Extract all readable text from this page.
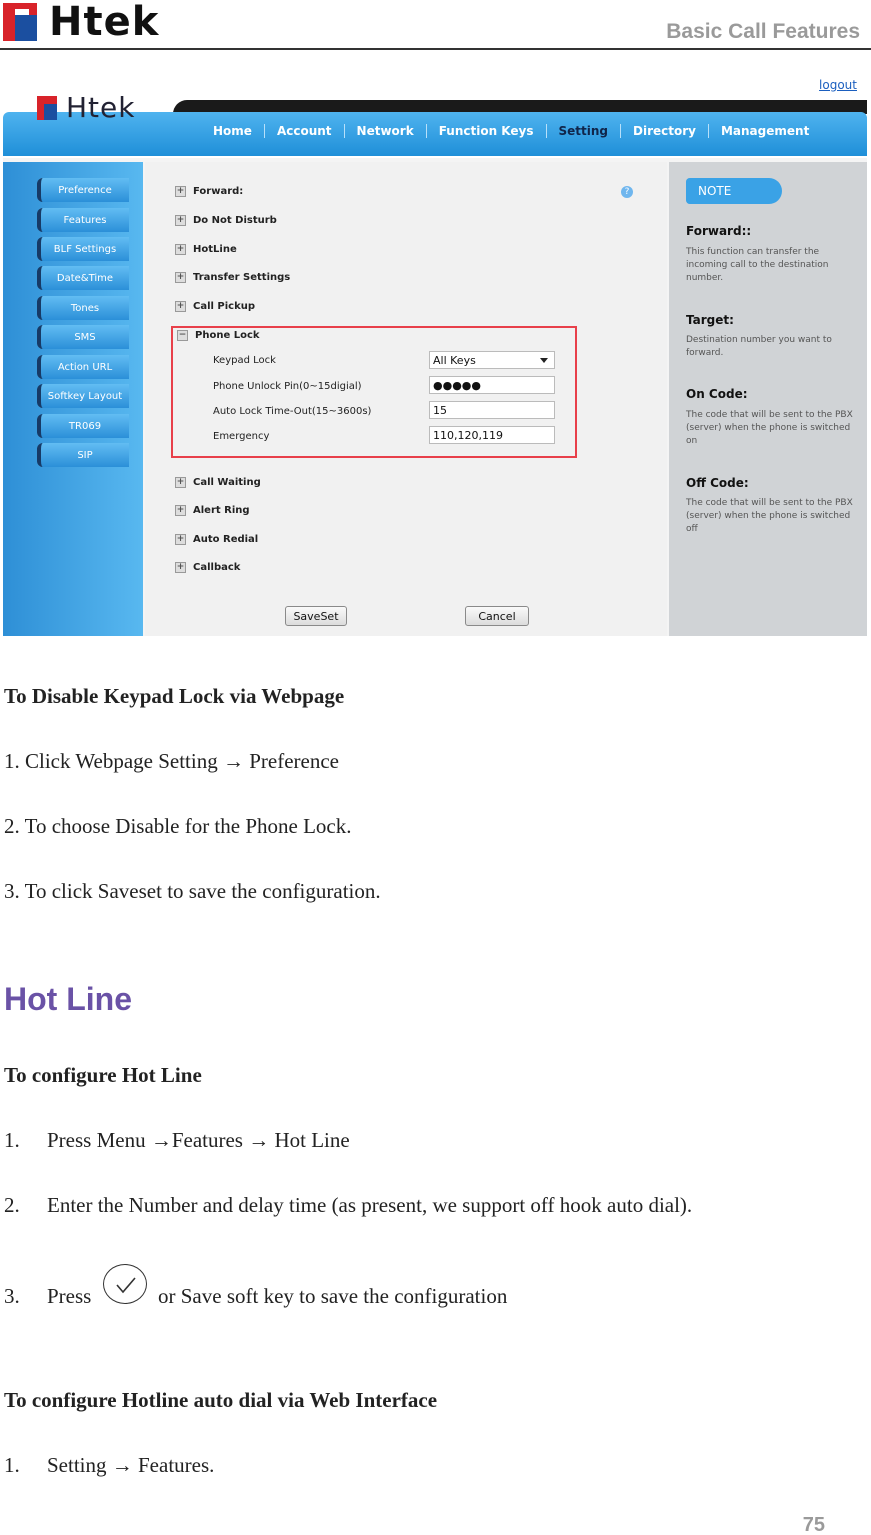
Htek	Basic Call Features
Htek
logout
Home	Account	Network	Function Keys	Setting	Directory	Management
Preference
Features
BLF Settings
Date&Time
Tones
SMS
Action URL
Softkey Layout
TR069
SIP
?
+ Forward:
+ Do Not Disturb
+ HotLine
+ Transfer Settings
+ Call Pickup
− Phone Lock
Keypad Lock	All Keys
Phone Unlock Pin(0~15digial)	●●●●●
Auto Lock Time-Out(15~3600s)	15
Emergency	110,120,119
+ Call Waiting
+ Alert Ring
+ Auto Redial
+ Callback
SaveSet	Cancel
NOTE
Forward::
This function can transfer the incoming call to the destination number.
Target:
Destination number you want to forward.
On Code:
The code that will be sent to the PBX (server) when the phone is switched on
Off Code:
The code that will be sent to the PBX (server) when the phone is switched off
To Disable Keypad Lock via Webpage
1. Click Webpage Setting → Preference
2. To choose Disable for the Phone Lock.
3. To click Saveset to save the configuration.
Hot Line
To configure Hot Line
1. Press Menu →Features → Hot Line
2. Enter the Number and delay time (as present, we support off hook auto dial).
3. Press	or Save soft key to save the configuration
To configure Hotline auto dial via Web Interface
1. Setting → Features.
75
